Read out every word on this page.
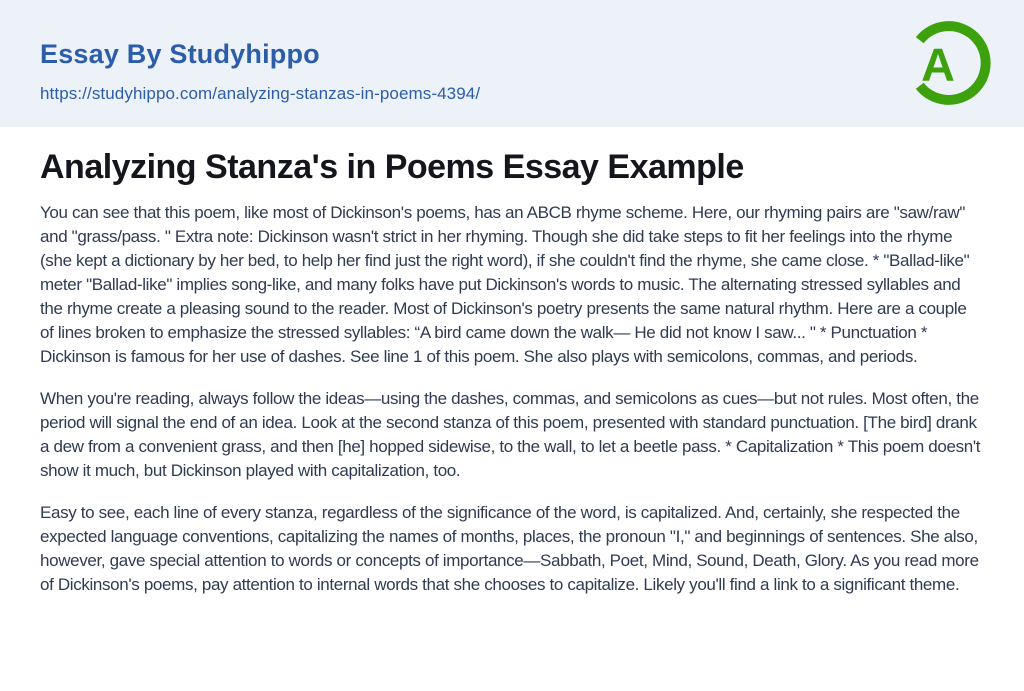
Essay By Studyhippo
https://studyhippo.com/analyzing-stanzas-in-poems-4394/
A
Analyzing Stanza's in Poems Essay Example

You can see that this poem, like most of Dickinson's poems, has an ABCB rhyme scheme. Here, our rhyming pairs are "saw/raw" and "grass/pass. " Extra note: Dickinson wasn't strict in her rhyming. Though she did take steps to fit her feelings into the rhyme (she kept a dictionary by her bed, to help her find just the right word), if she couldn't find the rhyme, she came close. * "Ballad-like" meter "Ballad-like" implies song-like, and many folks have put Dickinson's words to music. The alternating stressed syllables and the rhyme create a pleasing sound to the reader. Most of Dickinson's poetry presents the same natural rhythm. Here are a couple of lines broken to emphasize the stressed syllables: “A bird came down the walk— He did not know I saw... " * Punctuation * Dickinson is famous for her use of dashes. See line 1 of this poem. She also plays with semicolons, commas, and periods.

When you're reading, always follow the ideas—using the dashes, commas, and semicolons as cues—but not rules. Most often, the period will signal the end of an idea. Look at the second stanza of this poem, presented with standard punctuation. [The bird] drank a dew from a convenient grass, and then [he] hopped sidewise, to the wall, to let a beetle pass. * Capitalization * This poem doesn't show it much, but Dickinson played with capitalization, too.

Easy to see, each line of every stanza, regardless of the significance of the word, is capitalized. And, certainly, she respected the expected language conventions, capitalizing the names of months, places, the pronoun "I," and beginnings of sentences. She also, however, gave special attention to words or concepts of importance—Sabbath, Poet, Mind, Sound, Death, Glory. As you read more of Dickinson's poems, pay attention to internal words that she chooses to capitalize. Likely you'll find a link to a significant theme.
